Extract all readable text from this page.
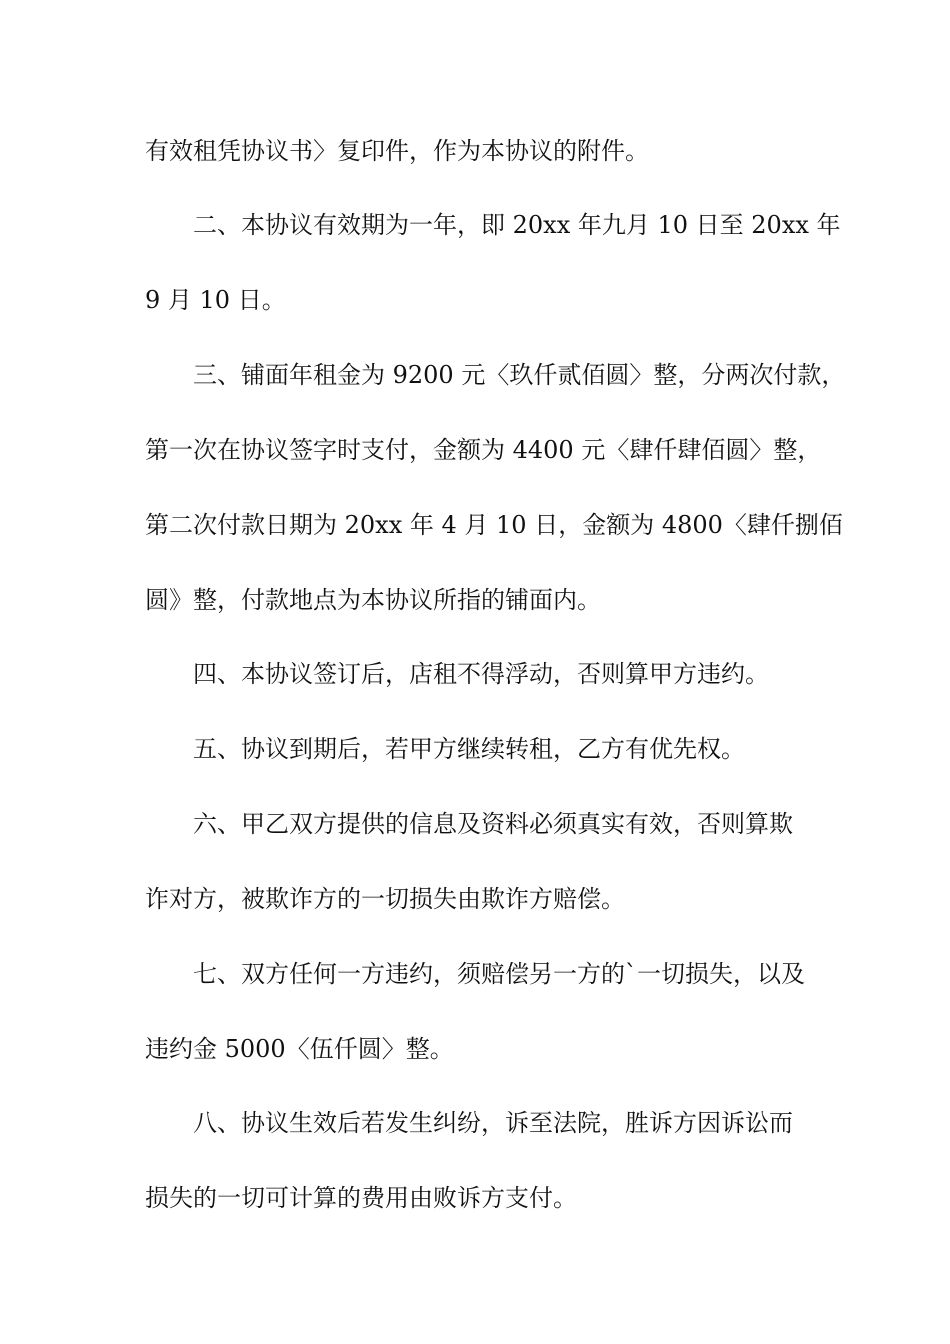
有效租凭协议书〉复印件，作为本协议的附件。
二、本协议有效期为一年，即 20xx 年九月 10 日至 20xx 年
9 月 10 日。
三、铺面年租金为 9200 元〈玖仟贰佰圆〉整，分两次付款，
第一次在协议签字时支付，金额为 4400 元〈肆仟肆佰圆〉整，
第二次付款日期为 20xx 年 4 月 10 日，金额为 4800〈肆仟捌佰
圆》整，付款地点为本协议所指的铺面内。
四、本协议签订后，店租不得浮动，否则算甲方违约。
五、协议到期后，若甲方继续转租，乙方有优先权。
六、甲乙双方提供的信息及资料必须真实有效，否则算欺
诈对方，被欺诈方的一切损失由欺诈方赔偿。
七、双方任何一方违约，须赔偿另一方的`一切损失，以及
违约金 5000〈伍仟圆〉整。
八、协议生效后若发生纠纷，诉至法院，胜诉方因诉讼而
损失的一切可计算的费用由败诉方支付。
